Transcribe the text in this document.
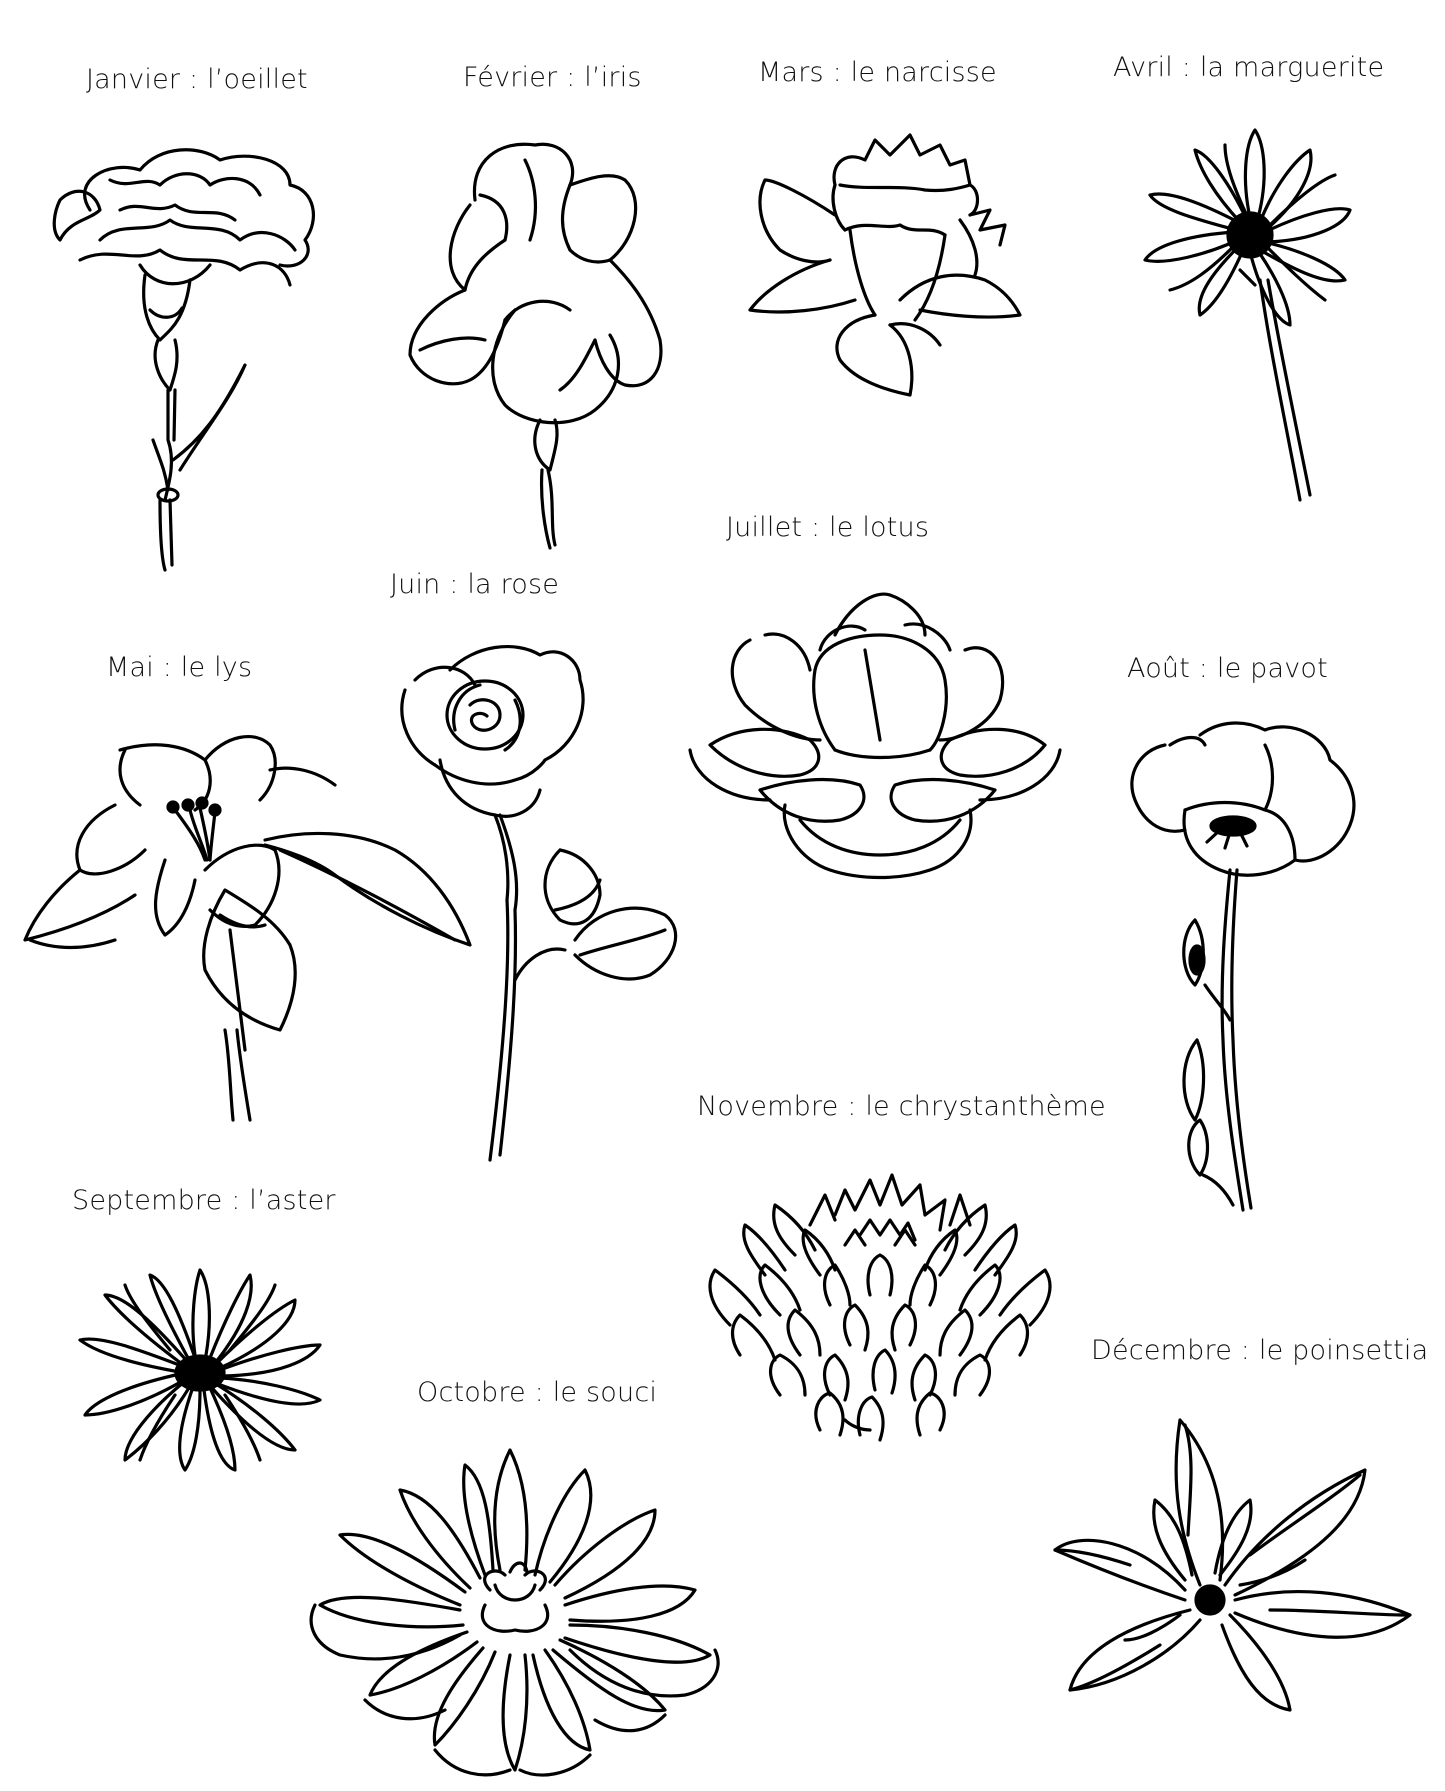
Janvier : l’oeillet	Février : l’iris	Mars : le narcisse	Avril : la marguerite
Juillet : le lotus
Juin : la rose
Mai : le lys	Août : le pavot
Novembre : le chrystanthème
Septembre : l’aster
Décembre : le poinsettia
Octobre : le souci
